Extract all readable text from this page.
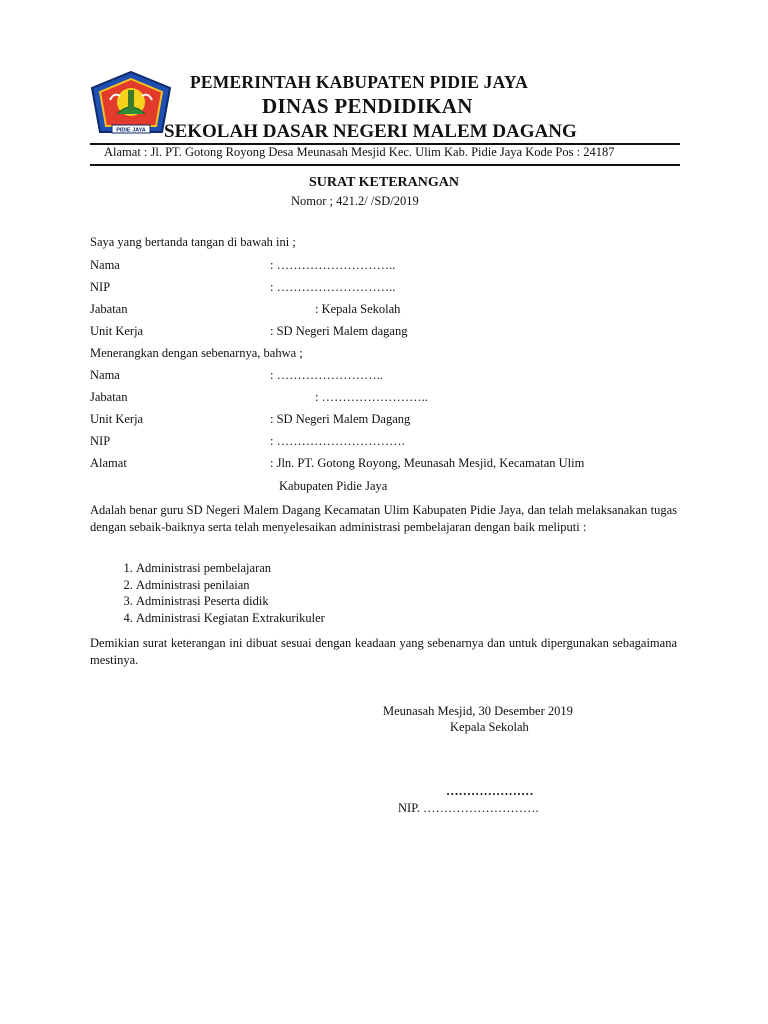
PIDIE JAYA
PEMERINTAH KABUPATEN PIDIE JAYA
DINAS PENDIDIKAN
SEKOLAH DASAR NEGERI MALEM DAGANG
Alamat : Jl. PT. Gotong Royong Desa Meunasah Mesjid Kec. Ulim Kab. Pidie Jaya Kode Pos : 24187
SURAT KETERANGAN
Nomor ; 421.2/ /SD/2019
Saya yang bertanda tangan di bawah ini ;
Nama	: ………………………..
NIP	: ………………………..
Jabatan	: Kepala Sekolah
Unit Kerja	: SD Negeri Malem dagang
Menerangkan dengan sebenarnya, bahwa ;
Nama	: ……………………..
Jabatan	: ……………………..
Unit Kerja	: SD Negeri Malem Dagang
NIP	: ………………………….
Alamat	: Jln. PT. Gotong Royong, Meunasah Mesjid, Kecamatan Ulim
Kabupaten Pidie Jaya
Adalah benar guru SD Negeri Malem Dagang Kecamatan Ulim Kabupaten Pidie Jaya, dan telah melaksanakan tugas dengan sebaik-baiknya serta telah menyelesaikan administrasi pembelajaran dengan baik meliputi :
1. Administrasi pembelajaran
2. Administrasi penilaian
3. Administrasi Peserta didik
4. Administrasi Kegiatan Extrakurikuler
Demikian surat keterangan ini dibuat sesuai dengan keadaan yang sebenarnya dan untuk dipergunakan sebagaimana mestinya.
Meunasah Mesjid, 30 Desember 2019
Kepala Sekolah
…………………
NIP. ……………………….
